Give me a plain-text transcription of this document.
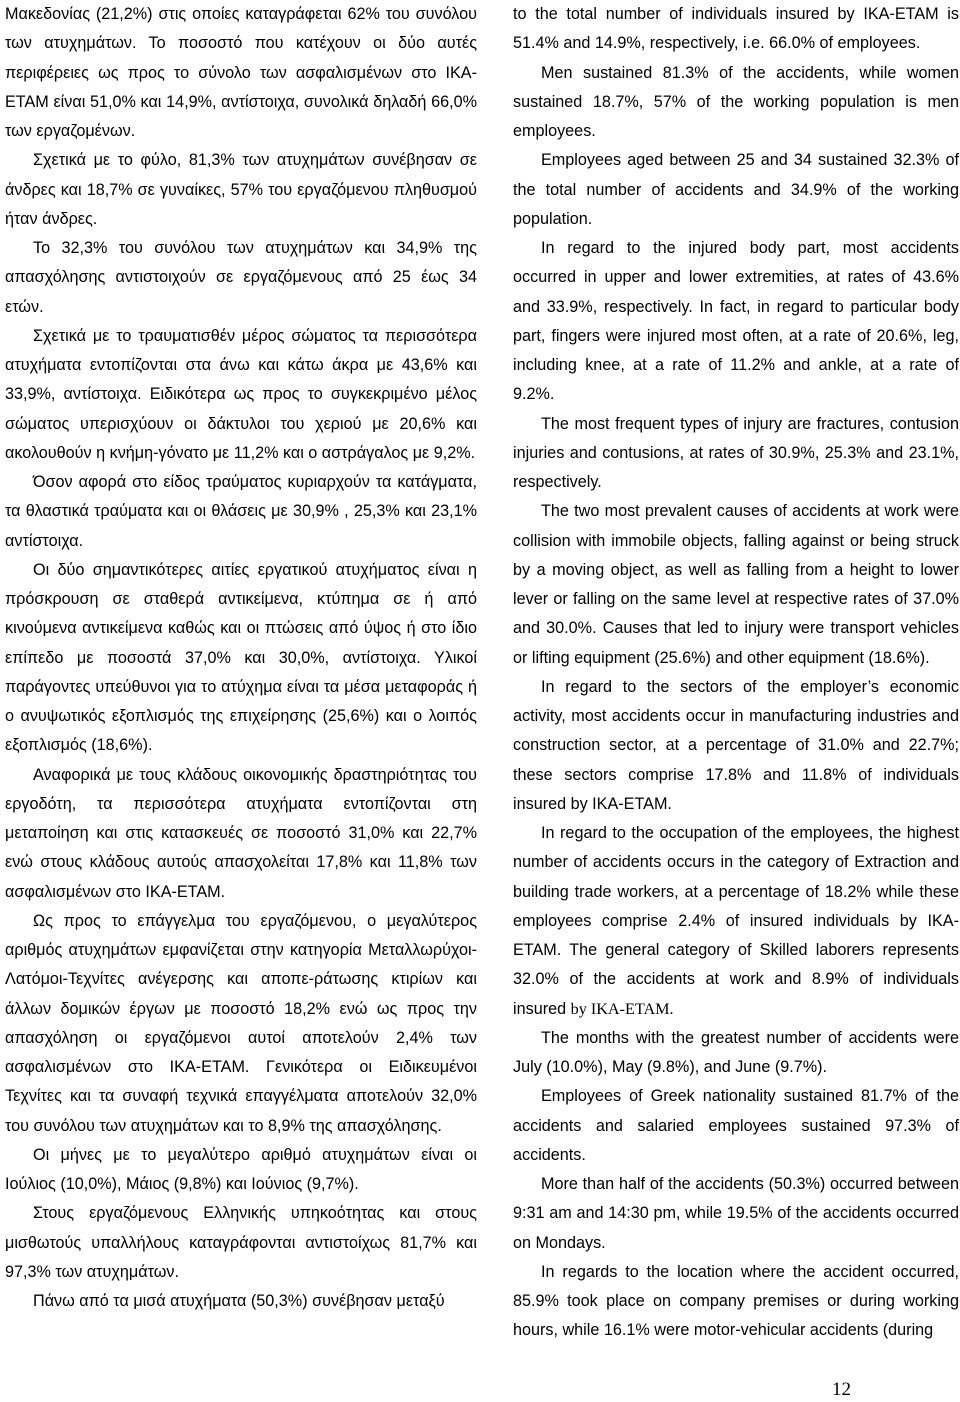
Μακεδονίας (21,2%) στις οποίες καταγράφεται 62% του συνόλου των ατυχημάτων. Το ποσοστό που κατέχουν οι δύο αυτές περιφέρειες ως προς το σύνολο των ασφαλισμένων στο ΙΚΑ-ΕΤΑΜ είναι 51,0% και 14,9%, αντίστοιχα, συνολικά δηλαδή 66,0% των εργαζομένων.

Σχετικά με το φύλο, 81,3% των ατυχημάτων συνέβησαν σε άνδρες και 18,7% σε γυναίκες, 57% του εργαζόμενου πληθυσμού ήταν άνδρες.

Το 32,3% του συνόλου των ατυχημάτων και 34,9% της απασχόλησης αντιστοιχούν σε εργαζόμενους από 25 έως 34 ετών.

Σχετικά με το τραυματισθέν μέρος σώματος τα περισσότερα ατυχήματα εντοπίζονται στα άνω και κάτω άκρα με 43,6% και 33,9%, αντίστοιχα. Ειδικότερα ως προς το συγκεκριμένο μέλος σώματος υπερισχύουν οι δάκτυλοι του χεριού με 20,6% και ακολουθούν η κνήμη-γόνατο με 11,2% και ο αστράγαλος με 9,2%.

Όσον αφορά στο είδος τραύματος κυριαρχούν τα κατάγματα, τα θλαστικά τραύματα και οι θλάσεις με 30,9% , 25,3% και 23,1% αντίστοιχα.

Οι δύο σημαντικότερες αιτίες εργατικού ατυχήματος είναι η πρόσκρουση σε σταθερά αντικείμενα, κτύπημα σε ή από κινούμενα αντικείμενα καθώς και οι πτώσεις από ύψος ή στο ίδιο επίπεδο με ποσοστά 37,0% και 30,0%, αντίστοιχα. Υλικοί παράγοντες υπεύθυνοι για το ατύχημα είναι τα μέσα μεταφοράς ή ο ανυψωτικός εξοπλισμός της επιχείρησης (25,6%) και ο λοιπός εξοπλισμός (18,6%).

Αναφορικά με τους κλάδους οικονομικής δραστηριότητας του εργοδότη, τα περισσότερα ατυχήματα εντοπίζονται στη μεταποίηση και στις κατασκευές σε ποσοστό 31,0% και 22,7% ενώ στους κλάδους αυτούς απασχολείται 17,8% και 11,8% των ασφαλισμένων στο ΙΚΑ-ΕΤΑΜ.

Ως προς το επάγγελμα του εργαζόμενου, ο μεγαλύτερος αριθμός ατυχημάτων εμφανίζεται στην κατηγορία Μεταλλωρύχοι-Λατόμοι-Τεχνίτες ανέγερσης και αποπε-ράτωσης κτιρίων και άλλων δομικών έργων με ποσοστό 18,2% ενώ ως προς την απασχόληση οι εργαζόμενοι αυτοί αποτελούν 2,4% των ασφαλισμένων στο ΙΚΑ-ΕΤΑΜ. Γενικότερα οι Ειδικευμένοι Τεχνίτες και τα συναφή τεχνικά επαγγέλματα αποτελούν 32,0% του συνόλου των ατυχημάτων και το 8,9% της απασχόλησης.

Οι μήνες με το μεγαλύτερο αριθμό ατυχημάτων είναι οι Ιούλιος (10,0%), Μάιος (9,8%) και Ιούνιος (9,7%).

Στους εργαζόμενους Ελληνικής υπηκοότητας και στους μισθωτούς υπαλλήλους καταγράφονται αντιστοίχως 81,7% και 97,3% των ατυχημάτων.

Πάνω από τα μισά ατυχήματα (50,3%) συνέβησαν μεταξύ

to the total number of individuals insured by IKA-ETAM is 51.4% and 14.9%, respectively, i.e. 66.0% of employees.

Men sustained 81.3% of the accidents, while women sustained 18.7%, 57% of the working population is men employees.

Employees aged between 25 and 34 sustained 32.3% of the total number of accidents and 34.9% of the working population.

In regard to the injured body part, most accidents occurred in upper and lower extremities, at rates of 43.6% and 33.9%, respectively. In fact, in regard to particular body part, fingers were injured most often, at a rate of 20.6%, leg, including knee, at a rate of 11.2% and ankle, at a rate of 9.2%.

The most frequent types of injury are fractures, contusion injuries and contusions, at rates of 30.9%, 25.3% and 23.1%, respectively.

The two most prevalent causes of accidents at work were collision with immobile objects, falling against or being struck by a moving object, as well as falling from a height to lower lever or falling on the same level at respective rates of 37.0% and 30.0%. Causes that led to injury were transport vehicles or lifting equipment (25.6%) and other equipment (18.6%).

In regard to the sectors of the employer’s economic activity, most accidents occur in manufacturing industries and construction sector, at a percentage of 31.0% and 22.7%; these sectors comprise 17.8% and 11.8% of individuals insured by IKA-ETAM.

In regard to the occupation of the employees, the highest number of accidents occurs in the category of Extraction and building trade workers, at a percentage of 18.2% while these employees comprise 2.4% of insured individuals by IKA-ETAM. The general category of Skilled laborers represents 32.0% of the accidents at work and 8.9% of individuals insured by IKA-ETAM.

The months with the greatest number of accidents were July (10.0%), May (9.8%), and June (9.7%).

Employees of Greek nationality sustained 81.7% of the accidents and salaried employees sustained 97.3% of accidents.

More than half of the accidents (50.3%) occurred between 9:31 am and 14:30 pm, while 19.5% of the accidents occurred on Mondays.

In regards to the location where the accident occurred, 85.9% took place on company premises or during working hours, while 16.1% were motor-vehicular accidents (during

12
